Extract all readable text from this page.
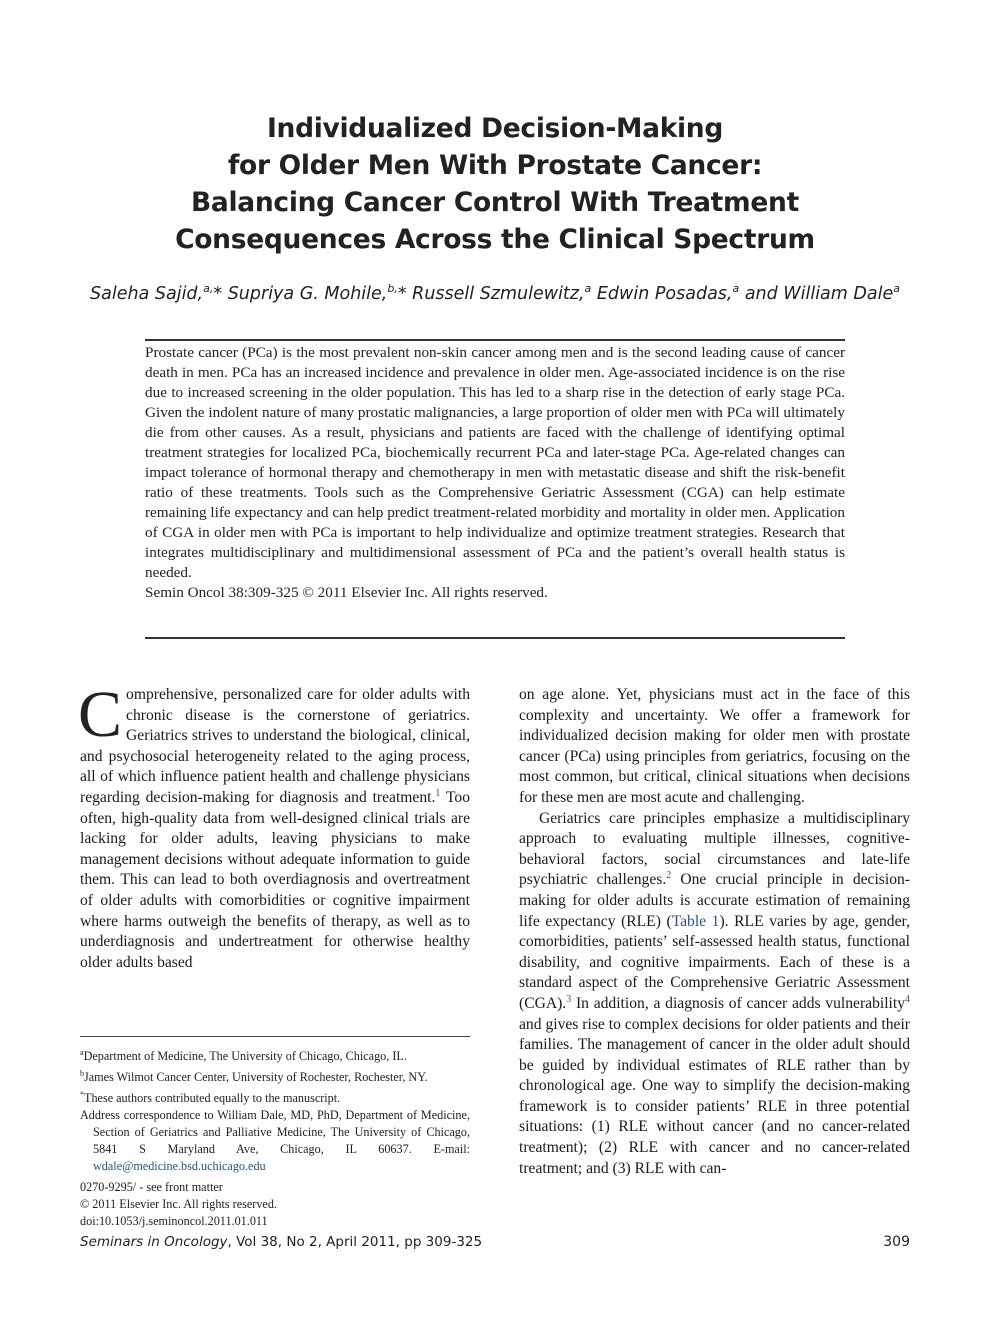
Individualized Decision-Making
for Older Men With Prostate Cancer:
Balancing Cancer Control With Treatment
Consequences Across the Clinical Spectrum
Saleha Sajid,$^{a,}$* Supriya G. Mohile,$^{b,}$* Russell Szmulewitz,$^a$ Edwin Posadas,$^a$ and William Dale$^a$
Prostate cancer (PCa) is the most prevalent non-skin cancer among men and is the second leading cause of cancer death in men. PCa has an increased incidence and prevalence in older men. Age-associated incidence is on the rise due to increased screening in the older population. This has led to a sharp rise in the detection of early stage PCa. Given the indolent nature of many prostatic malignancies, a large proportion of older men with PCa will ultimately die from other causes. As a result, physicians and patients are faced with the challenge of identifying optimal treatment strategies for localized PCa, biochemically recurrent PCa and later-stage PCa. Age-related changes can impact tolerance of hormonal therapy and chemotherapy in men with metastatic disease and shift the risk-benefit ratio of these treatments. Tools such as the Comprehensive Geriatric Assessment (CGA) can help estimate remaining life expectancy and can help predict treatment-related morbidity and mortality in older men. Application of CGA in older men with PCa is important to help individualize and optimize treatment strategies. Research that integrates multidisciplinary and multidimensional assessment of PCa and the patient’s overall health status is needed.
Semin Oncol 38:309-325 © 2011 Elsevier Inc. All rights reserved.

Comprehensive, personalized care for older adults with chronic disease is the cornerstone of geriatrics. Geriatrics strives to understand the biological, clinical, and psychosocial heterogeneity related to the aging process, all of which influence patient health and challenge physicians regarding decision-making for diagnosis and treatment.$^1$ Too often, high-quality data from well-designed clinical trials are lacking for older adults, leaving physicians to make management decisions without adequate information to guide them. This can lead to both overdiagnosis and overtreatment of older adults with comorbidities or cognitive impairment where harms outweigh the benefits of therapy, as well as to underdiagnosis and undertreatment for otherwise healthy older adults based

on age alone. Yet, physicians must act in the face of this complexity and uncertainty. We offer a framework for individualized decision making for older men with prostate cancer (PCa) using principles from geriatrics, focusing on the most common, but critical, clinical situations when decisions for these men are most acute and challenging.

Geriatrics care principles emphasize a multidisciplinary approach to evaluating multiple illnesses, cognitive-behavioral factors, social circumstances and late-life psychiatric challenges.$^2$ One crucial principle in decision-making for older adults is accurate estimation of remaining life expectancy (RLE) (Table 1). RLE varies by age, gender, comorbidities, patients’ self-assessed health status, functional disability, and cognitive impairments. Each of these is a standard aspect of the Comprehensive Geriatric Assessment (CGA).$^3$ In addition, a diagnosis of cancer adds vulnerability$^4$ and gives rise to complex decisions for older patients and their families. The management of cancer in the older adult should be guided by individual estimates of RLE rather than by chronological age. One way to simplify the decision-making framework is to consider patients’ RLE in three potential situations: (1) RLE without cancer (and no cancer-related treatment); (2) RLE with cancer and no cancer-related treatment; and (3) RLE with can-

$^a$Department of Medicine, The University of Chicago, Chicago, IL.

$^b$James Wilmot Cancer Center, University of Rochester, Rochester, NY.

*These authors contributed equally to the manuscript.

Address correspondence to William Dale, MD, PhD, Department of Medicine, Section of Geriatrics and Palliative Medicine, The University of Chicago, 5841 S Maryland Ave, Chicago, IL 60637. E-mail: wdale@medicine.bsd.uchicago.edu

0270-9295/ - see front matter

© 2011 Elsevier Inc. All rights reserved.

doi:10.1053/j.seminoncol.2011.01.011

Seminars in Oncology, Vol 38, No 2, April 2011, pp 309-325	309
